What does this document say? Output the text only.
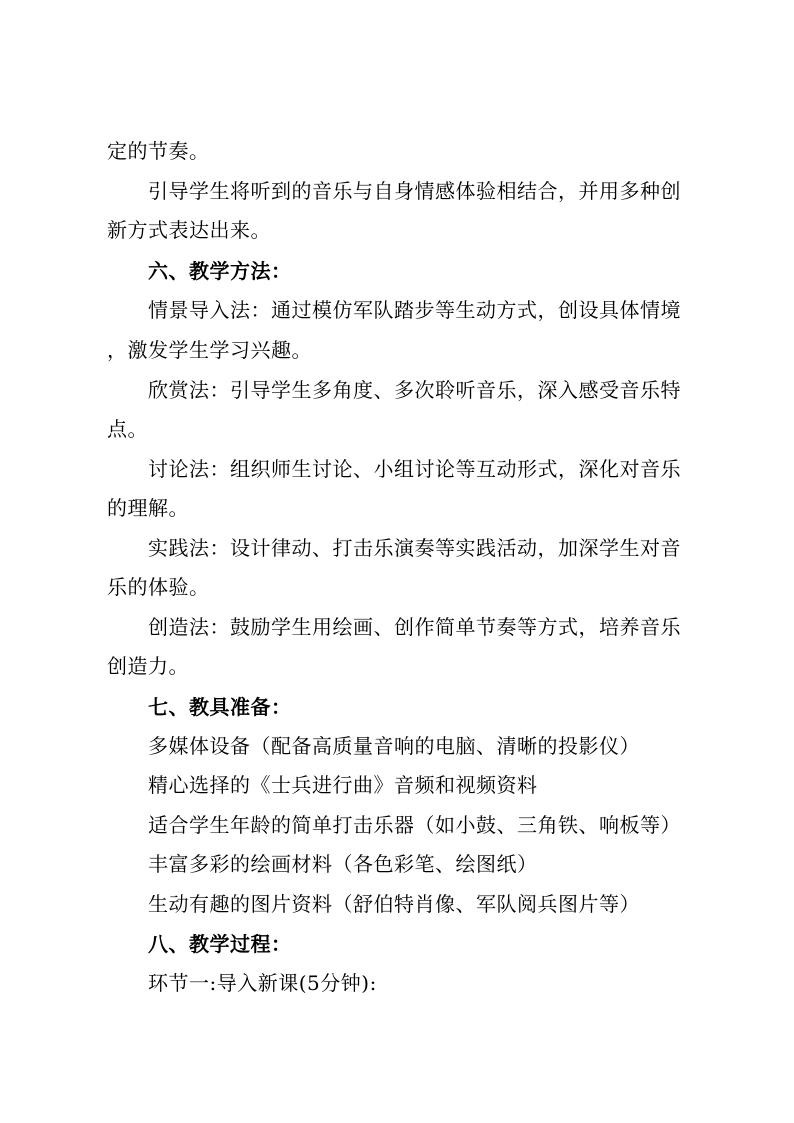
定的节奏。
引导学生将听到的音乐与自身情感体验相结合，并用多种创
新方式表达出来。
六、教学方法：
情景导入法：通过模仿军队踏步等生动方式，创设具体情境
，激发学生学习兴趣。
欣赏法：引导学生多角度、多次聆听音乐，深入感受音乐特
点。
讨论法：组织师生讨论、小组讨论等互动形式，深化对音乐
的理解。
实践法：设计律动、打击乐演奏等实践活动，加深学生对音
乐的体验。
创造法：鼓励学生用绘画、创作简单节奏等方式，培养音乐
创造力。
七、教具准备：
多媒体设备（配备高质量音响的电脑、清晰的投影仪）
精心选择的《士兵进行曲》音频和视频资料
适合学生年龄的简单打击乐器（如小鼓、三角铁、响板等）
丰富多彩的绘画材料（各色彩笔、绘图纸）
生动有趣的图片资料（舒伯特肖像、军队阅兵图片等）
八、教学过程：
环节一:导入新课(5分钟):
